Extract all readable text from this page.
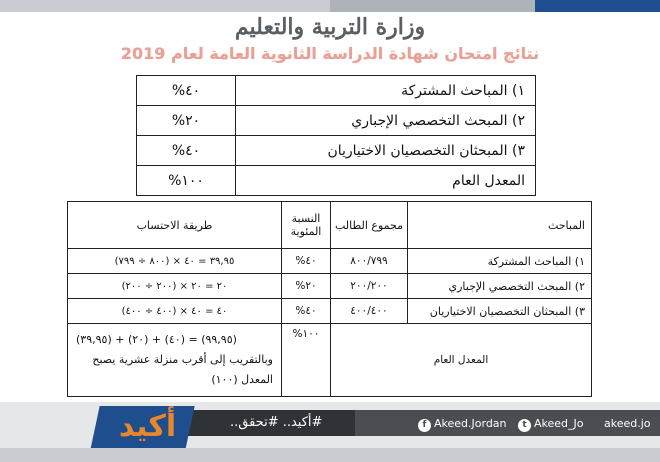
وزارة التربية والتعليم
نتائج امتحان شهادة الدراسة الثانوية العامة لعام 2019
١) المباحث المشتركة	٤٠%
٢) المبحث التخصصي الإجباري	٢٠%
٣) المبحثان التخصصيان الاختياريان	٤٠%
المعدل العام	١٠٠%
المباحث	مجموع الطالب	النسبة المئوية	طريقة الاحتساب
١) المباحث المشتركة	٨٠٠/٧٩٩	٤٠%	٣٩,٩٥ = ٤٠ × (٨٠٠ ÷ ٧٩٩)
٢) المبحث التخصصي الإجباري	٢٠٠/٢٠٠	٢٠%	٢٠ = ٢٠ × (٢٠٠ ÷ ٢٠٠)
٣) المبحثان التخصصيان الاختياريان	٤٠٠/٤٠٠	٤٠%	٤٠ = ٤٠ × (٤٠٠ ÷ ٤٠٠)
المعدل العام		١٠٠%	(٣٩,٩٥) + (٢٠) + (٤٠) = (٩٩,٩٥)
وبالتقريب إلى أقرب منزلة عشرية يصبح
المعدل (١٠٠)
أكيد	#أكيد.. #تحقق..	f Akeed.Jordan	t Akeed_Jo akeed.jo
